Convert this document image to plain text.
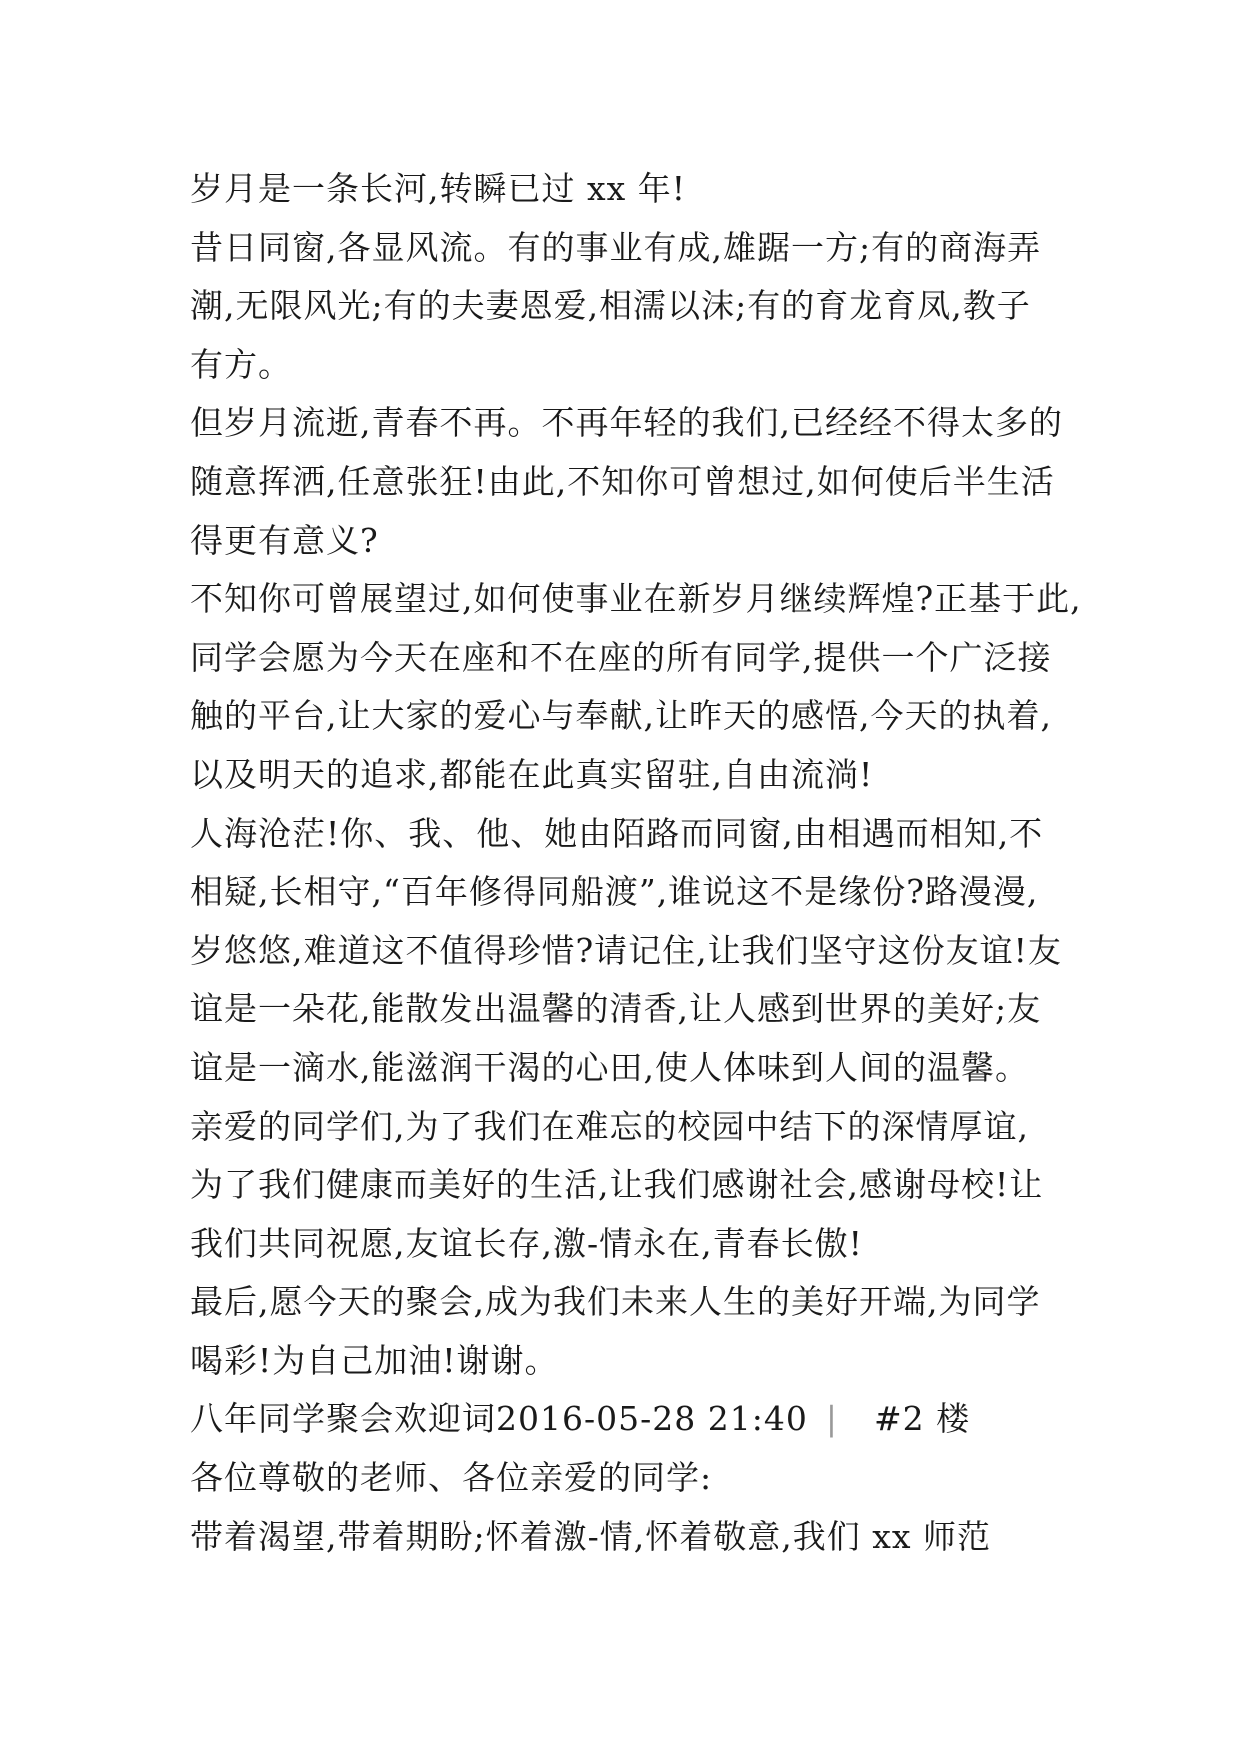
岁月是一条长河,转瞬已过 xx 年!
昔日同窗,各显风流。有的事业有成,雄踞一方;有的商海弄
潮,无限风光;有的夫妻恩爱,相濡以沫;有的育龙育凤,教子
有方。
但岁月流逝,青春不再。不再年轻的我们,已经经不得太多的
随意挥洒,任意张狂!由此,不知你可曾想过,如何使后半生活
得更有意义?
不知你可曾展望过,如何使事业在新岁月继续辉煌?正基于此,
同学会愿为今天在座和不在座的所有同学,提供一个广泛接
触的平台,让大家的爱心与奉献,让昨天的感悟,今天的执着,
以及明天的追求,都能在此真实留驻,自由流淌!
人海沧茫!你、我、他、她由陌路而同窗,由相遇而相知,不
相疑,长相守,“百年修得同船渡”,谁说这不是缘份?路漫漫,
岁悠悠,难道这不值得珍惜?请记住,让我们坚守这份友谊!友
谊是一朵花,能散发出温馨的清香,让人感到世界的美好;友
谊是一滴水,能滋润干渴的心田,使人体味到人间的温馨。
亲爱的同学们,为了我们在难忘的校园中结下的深情厚谊,
为了我们健康而美好的生活,让我们感谢社会,感谢母校!让
我们共同祝愿,友谊长存,激-情永在,青春长傲!
最后,愿今天的聚会,成为我们未来人生的美好开端,为同学
喝彩!为自己加油!谢谢。
八年同学聚会欢迎词2016-05-28 21:40 | #2 楼
各位尊敬的老师、各位亲爱的同学:
带着渴望,带着期盼;怀着激-情,怀着敬意,我们 xx 师范
